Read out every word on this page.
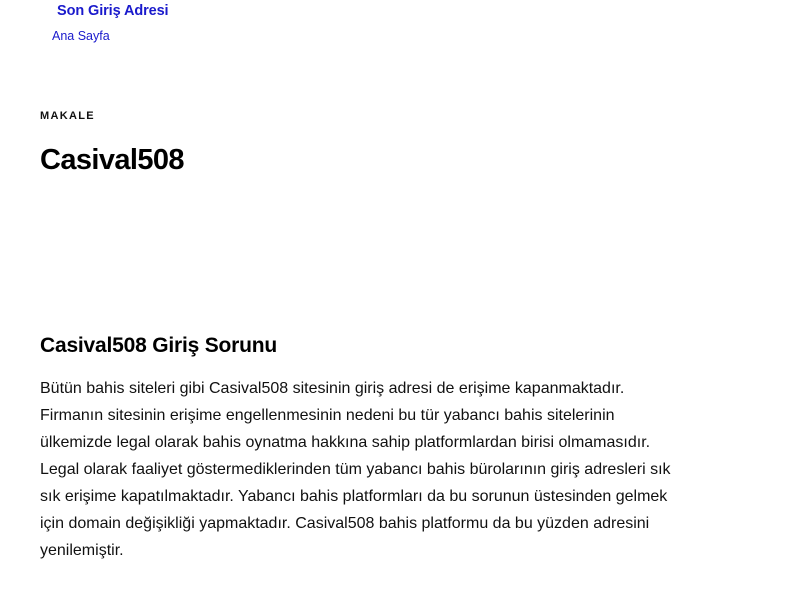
Son Giriş Adresi
Ana Sayfa
MAKALE
Casival508
Casival508 Giriş Sorunu

Bütün bahis siteleri gibi Casival508 sitesinin giriş adresi de erişime kapanmaktadır.
Firmanın sitesinin erişime engellenmesinin nedeni bu tür yabancı bahis sitelerinin
ülkemizde legal olarak bahis oynatma hakkına sahip platformlardan birisi olmamasıdır.
Legal olarak faaliyet göstermediklerinden tüm yabancı bahis bürolarının giriş adresleri sık
sık erişime kapatılmaktadır. Yabancı bahis platformları da bu sorunun üstesinden gelmek
için domain değişikliği yapmaktadır. Casival508 bahis platformu da bu yüzden adresini
yenilemiştir.
